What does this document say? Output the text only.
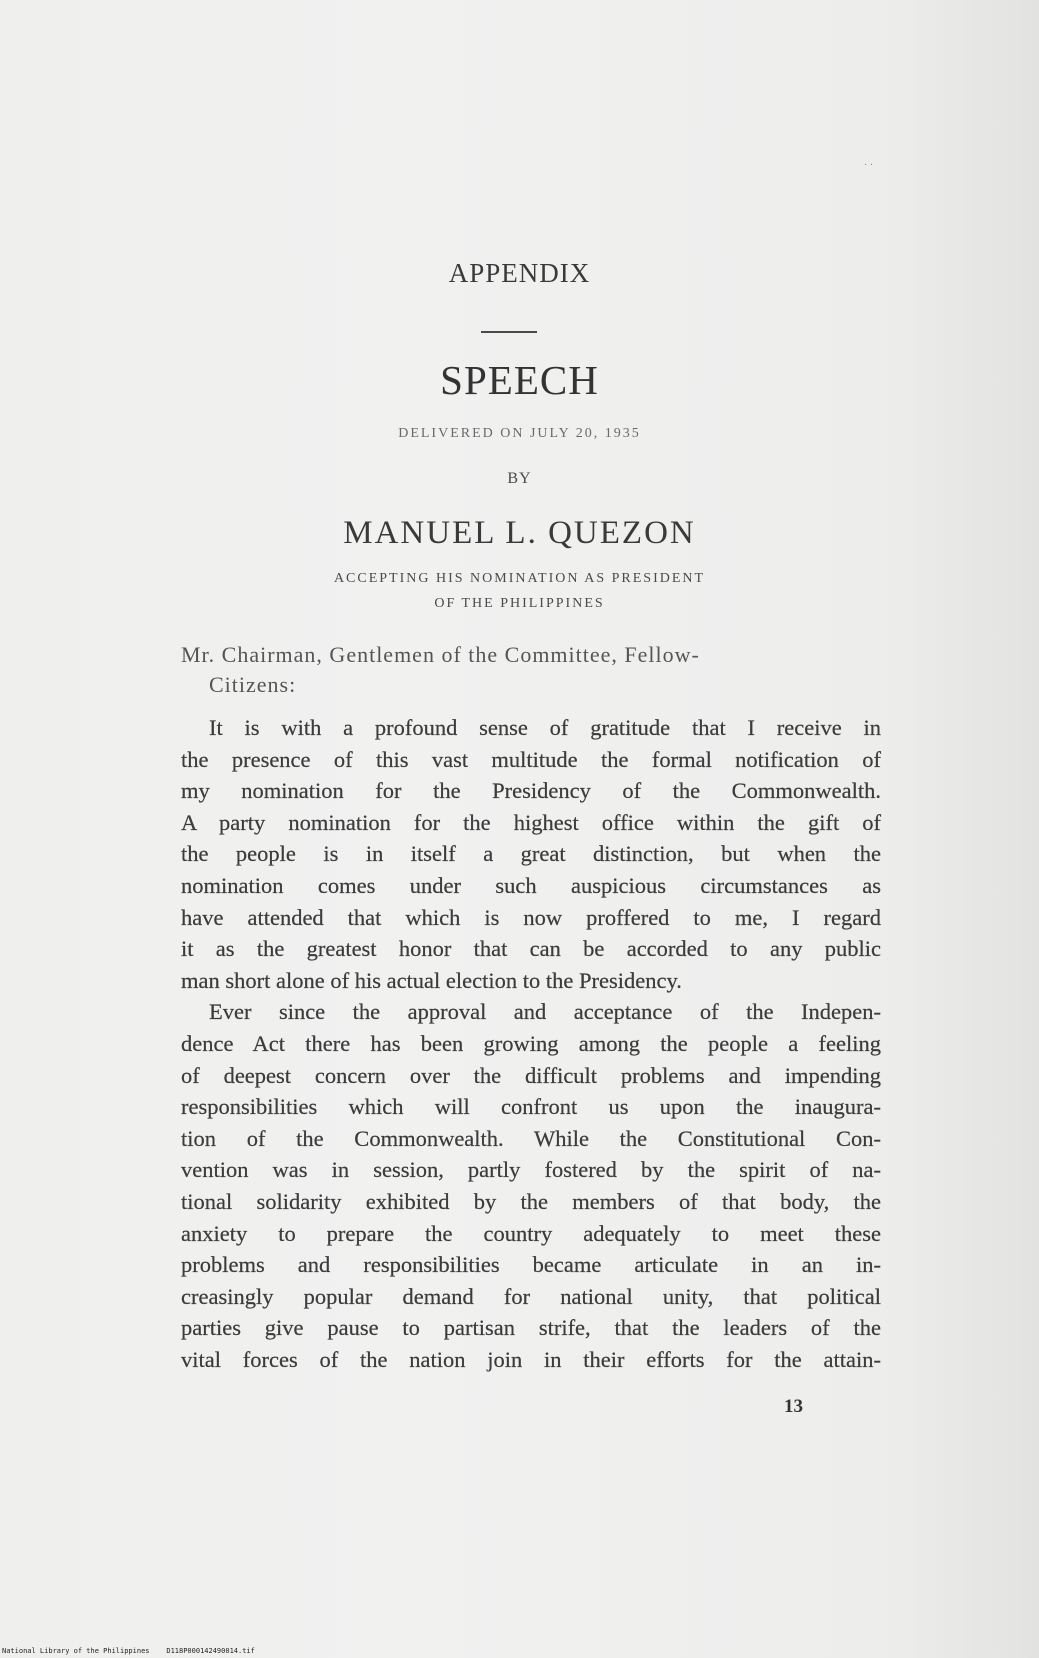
· ·
APPENDIX
SPEECH
DELIVERED ON JULY 20, 1935
BY
MANUEL L. QUEZON
ACCEPTING HIS NOMINATION AS PRESIDENT
OF THE PHILIPPINES
Mr. Chairman, Gentlemen of the Committee, Fellow-
Citizens:
It is with a profound sense of gratitude that I receive in
the presence of this vast multitude the formal notification of
my nomination for the Presidency of the Commonwealth.
A party nomination for the highest office within the gift of
the people is in itself a great distinction, but when the
nomination comes under such auspicious circumstances as
have attended that which is now proffered to me, I regard
it as the greatest honor that can be accorded to any public
man short alone of his actual election to the Presidency.
Ever since the approval and acceptance of the Indepen-
dence Act there has been growing among the people a feeling
of deepest concern over the difficult problems and impending
responsibilities which will confront us upon the inaugura-
tion of the Commonwealth. While the Constitutional Con-
vention was in session, partly fostered by the spirit of na-
tional solidarity exhibited by the members of that body, the
anxiety to prepare the country adequately to meet these
problems and responsibilities became articulate in an in-
creasingly popular demand for national unity, that political
parties give pause to partisan strife, that the leaders of the
vital forces of the nation join in their efforts for the attain-
13
National Library of the Philippines    D118P000142490014.tif
